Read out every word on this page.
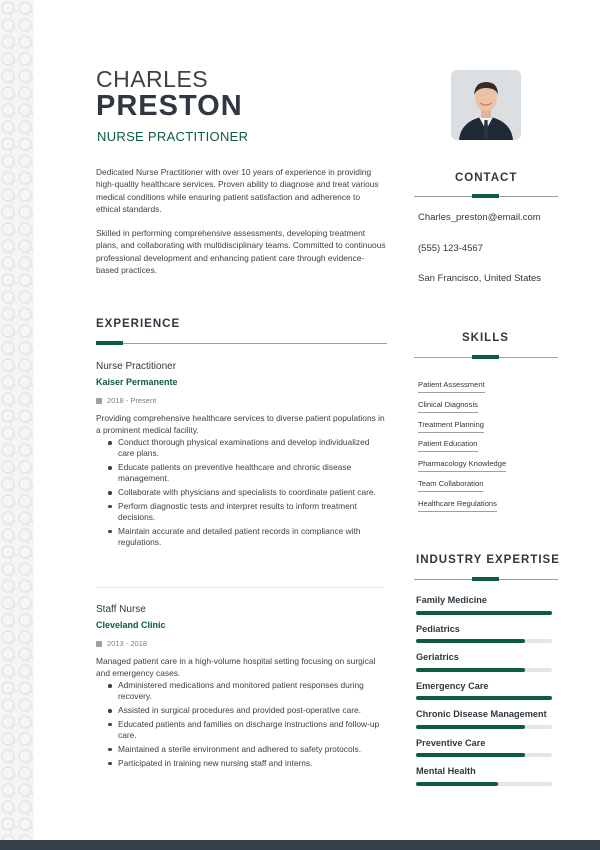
CHARLES
PRESTON
NURSE PRACTITIONER

Dedicated Nurse Practitioner with over 10 years of experience in providing high-quality healthcare services. Proven ability to diagnose and treat various medical conditions while ensuring patient satisfaction and adherence to ethical standards.

Skilled in performing comprehensive assessments, developing treatment plans, and collaborating with multidisciplinary teams. Committed to continuous professional development and enhancing patient care through evidence-based practices.

EXPERIENCE
Nurse Practitioner
Kaiser Permanente
2018 - Present
Providing comprehensive healthcare services to diverse patient populations in a prominent medical facility.
Conduct thorough physical examinations and develop individualized care plans.
Educate patients on preventive healthcare and chronic disease management.
Collaborate with physicians and specialists to coordinate patient care.
Perform diagnostic tests and interpret results to inform treatment decisions.
Maintain accurate and detailed patient records in compliance with regulations.
Staff Nurse
Cleveland Clinic
2013 - 2018
Managed patient care in a high-volume hospital setting focusing on surgical and emergency cases.
Administered medications and monitored patient responses during recovery.
Assisted in surgical procedures and provided post-operative care.
Educated patients and families on discharge instructions and follow-up care.
Maintained a sterile environment and adhered to safety protocols.
Participated in training new nursing staff and interns.
CONTACT
Charles_preston@email.com
(555) 123-4567
San Francisco, United States
SKILLS
Patient Assessment
Clinical Diagnosis
Treatment Planning
Patient Education
Pharmacology Knowledge
Team Collaboration
Healthcare Regulations
INDUSTRY EXPERTISE
Family Medicine
Pediatrics
Geriatrics
Emergency Care
Chronic Disease Management
Preventive Care
Mental Health
